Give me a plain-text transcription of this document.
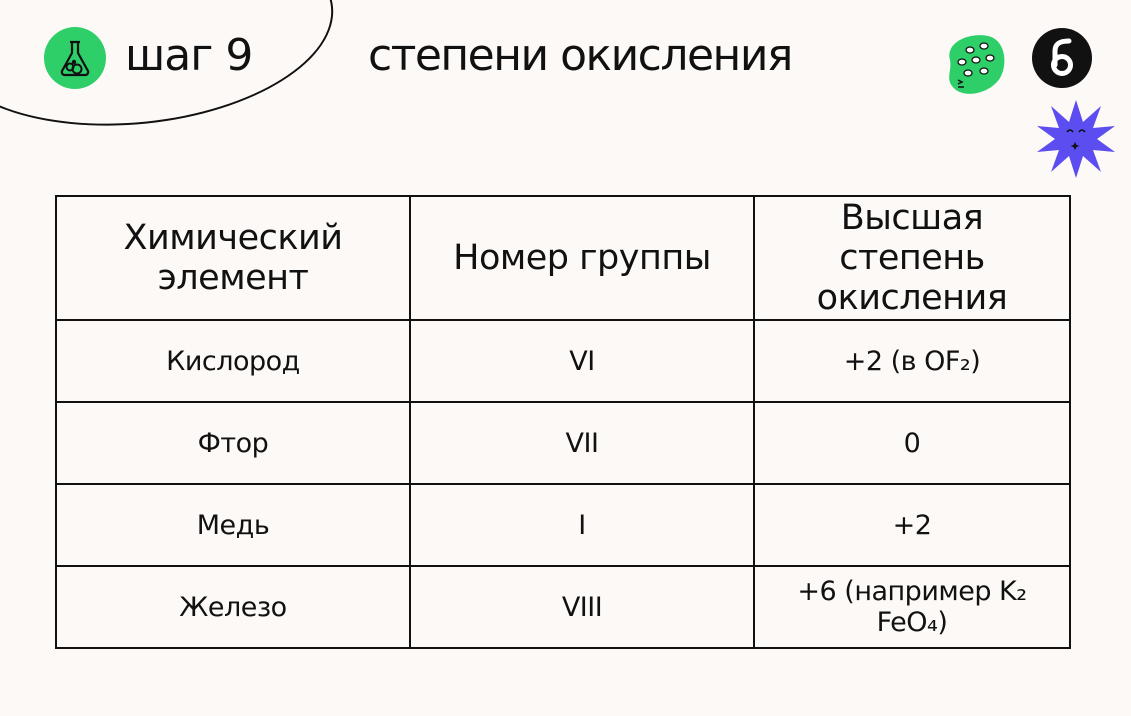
шаг 9	степени окисления
Химический элемент	Номер группы	Высшая степень окисления
Кислород	VI	+2 (в OF₂)
Фтор	VII	0
Медь	I	+2
Железо	VIII	+6 (например K₂ FeO₄)
